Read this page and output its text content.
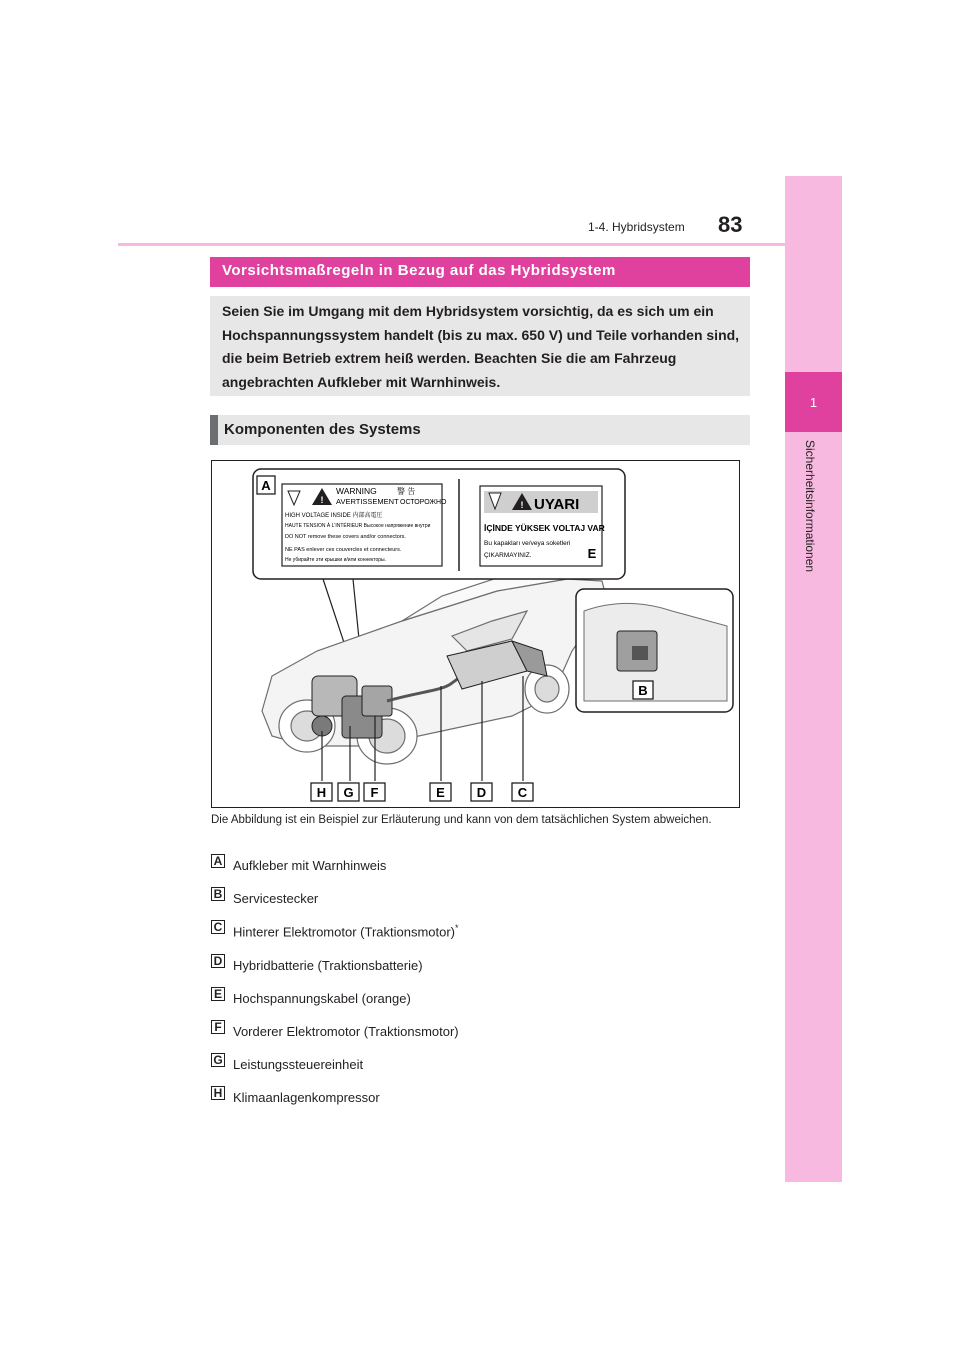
1
Sicherheitsinformationen
1-4. Hybridsystem 83
Vorsichtsmaßregeln in Bezug auf das Hybridsystem

Seien Sie im Umgang mit dem Hybridsystem vorsichtig, da es sich um ein Hochspannungssystem handelt (bis zu max. 650 V) und Teile vorhanden sind, die beim Betrieb extrem heiß werden. Beachten Sie die am Fahrzeug angebrachten Aufkleber mit Warnhinweis.

Komponenten des Systems
!
WARNING	警 告
AVERTISSEMENT ОСТОРОЖНО
HIGH VOLTAGE INSIDE 内部高電圧
HAUTE TENSION À L'INTÉRIEUR Высокое напряжение внутри
DO NOT remove these covers and/or connectors.
NE PAS enlever ces couvercles et connecteurs.
Не убирайте эти крышки и/или коннекторы.
! UYARI
İÇİNDE YÜKSEK VOLTAJ VAR
Bu kapakları ve/veya soketleri
ÇIKARMAYINIZ.
A
E
B
H G F	E D C

Die Abbildung ist ein Beispiel zur Erläuterung und kann von dem tatsächlichen System abweichen.

A Aufkleber mit Warnhinweis
B Servicestecker
C Hinterer Elektromotor (Traktionsmotor)*
D Hybridbatterie (Traktionsbatterie)
E Hochspannungskabel (orange)
F Vorderer Elektromotor (Traktionsmotor)
G Leistungssteuereinheit
H Klimaanlagenkompressor
